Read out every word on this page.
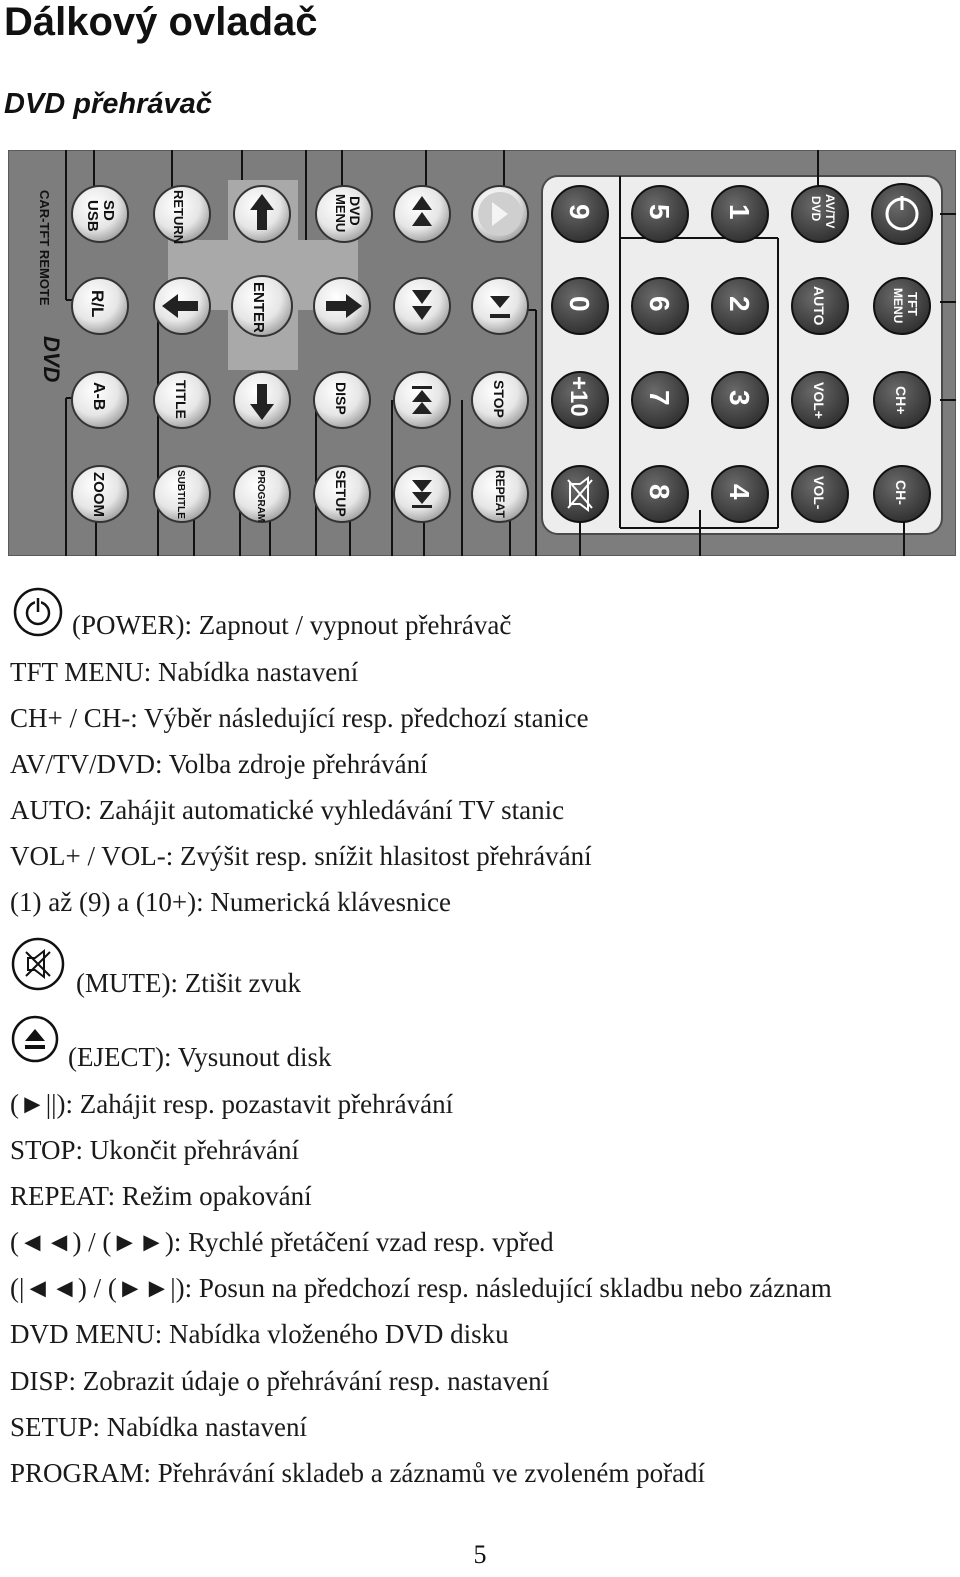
Dálkový ovladač
DVD přehrávač
CAR-TFT REMOTE
DVD
SD
USB	RETURN	DVD
MENU
R/L	ENTER
A-B	TITLE	DISP	STOP
ZOOM	SUBTITLE	PROGRAM	SETUP	REPEAT
9 5 1
0 6 2
+10 7 3
8 4
AV/TV
DVD
AUTO	TFT
MENU
VOL+	CH+
VOL-	CH-
(POWER): Zapnout / vypnout přehrávač
TFT MENU: Nabídka nastavení
CH+ / CH-: Výběr následující resp. předchozí stanice
AV/TV/DVD: Volba zdroje přehrávání
AUTO: Zahájit automatické vyhledávání TV stanic
VOL+ / VOL-: Zvýšit resp. snížit hlasitost přehrávání
(1) až (9) a (10+): Numerická klávesnice
(MUTE): Ztišit zvuk
(EJECT): Vysunout disk
(►||): Zahájit resp. pozastavit přehrávání
STOP: Ukončit přehrávání
REPEAT: Režim opakování
(◄◄) / (►►): Rychlé přetáčení vzad resp. vpřed
(|◄◄) / (►►|): Posun na předchozí resp. následující skladbu nebo záznam
DVD MENU: Nabídka vloženého DVD disku
DISP: Zobrazit údaje o přehrávání resp. nastavení
SETUP: Nabídka nastavení
PROGRAM: Přehrávání skladeb a záznamů ve zvoleném pořadí
5
